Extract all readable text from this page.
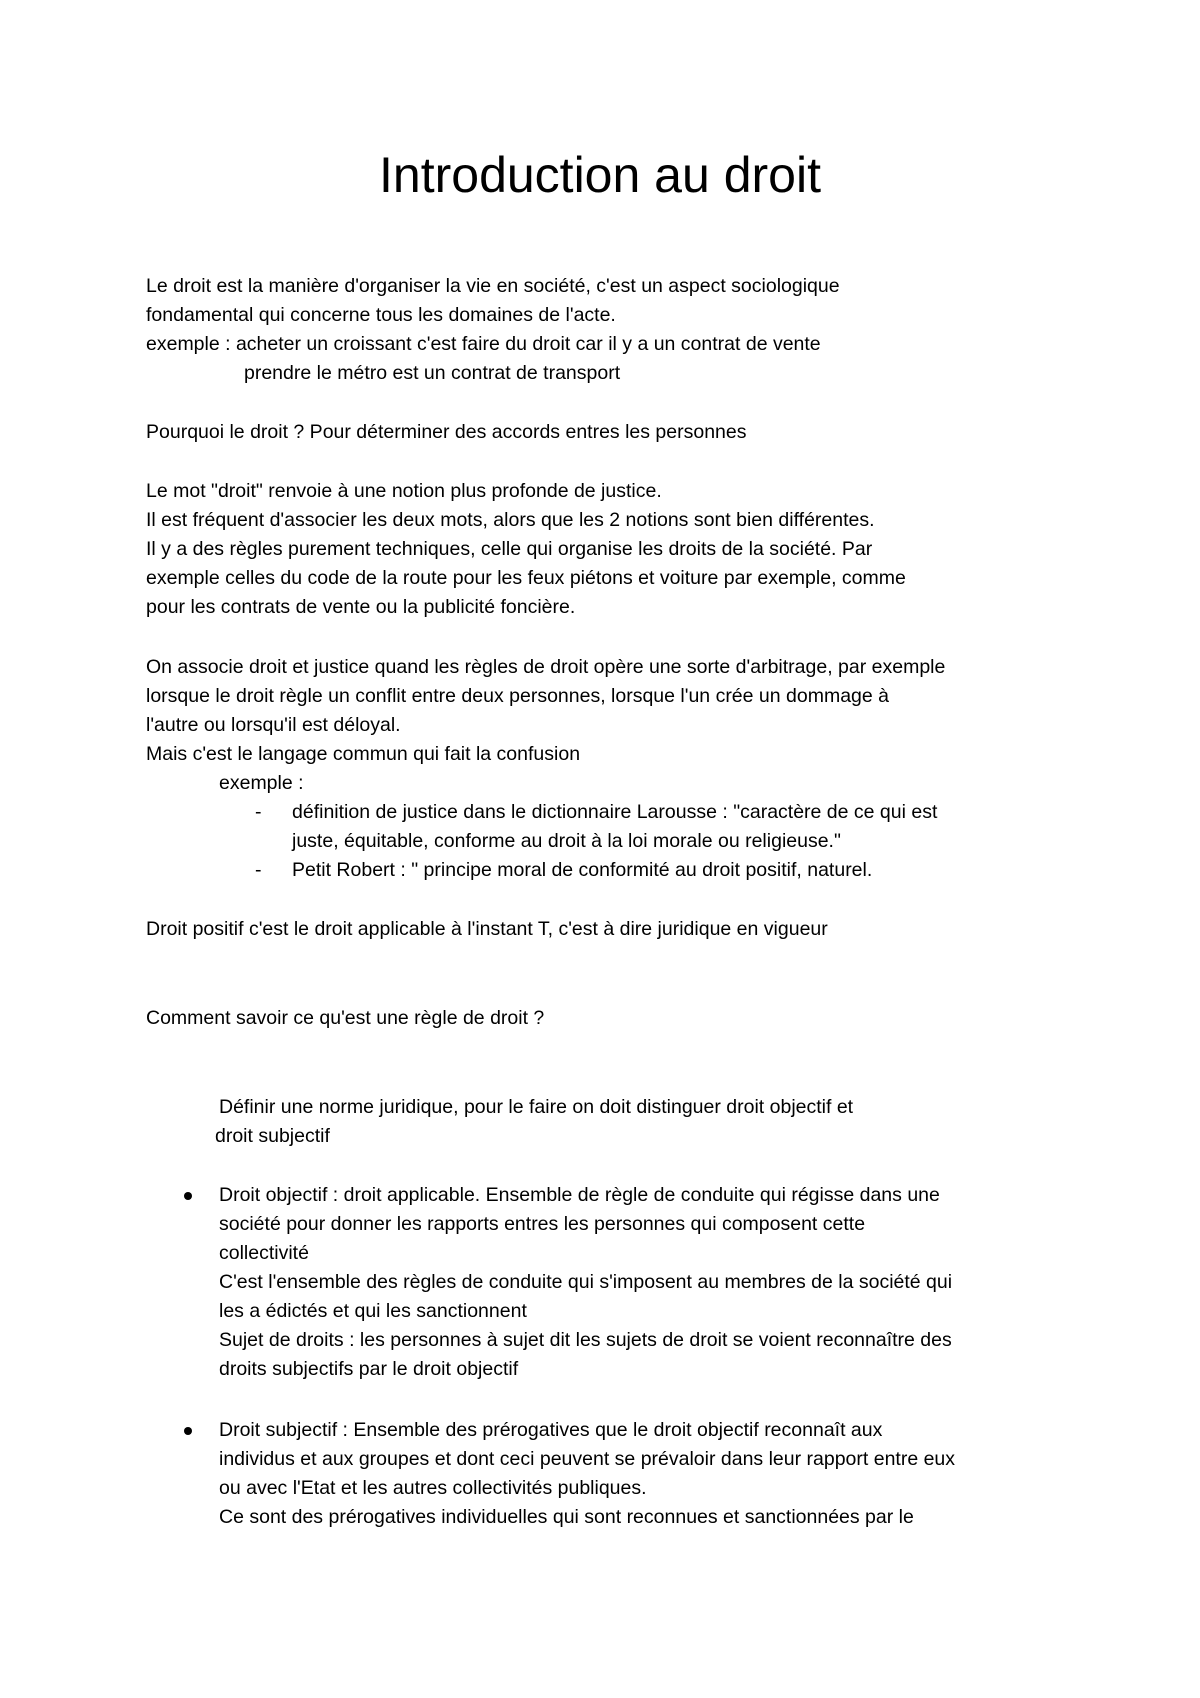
Introduction au droit

Le droit est la manière d'organiser la vie en société, c'est un aspect sociologique

fondamental qui concerne tous les domaines de l'acte.

exemple : acheter un croissant c'est faire du droit car il y a un contrat de vente

prendre le métro est un contrat de transport

Pourquoi le droit ? Pour déterminer des accords entres les personnes

Le mot "droit" renvoie à une notion plus profonde de justice.

Il est fréquent d'associer les deux mots, alors que les 2 notions sont bien différentes.

Il y a des règles purement techniques, celle qui organise les droits de la société. Par

exemple celles du code de la route pour les feux piétons et voiture par exemple, comme

pour les contrats de vente ou la publicité foncière.

On associe droit et justice quand les règles de droit opère une sorte d'arbitrage, par exemple

lorsque le droit règle un conflit entre deux personnes, lorsque l'un crée un dommage à

l'autre ou lorsqu'il est déloyal.

Mais c'est le langage commun qui fait la confusion

exemple :

- définition de justice dans le dictionnaire Larousse : "caractère de ce qui est

juste, équitable, conforme au droit à la loi morale ou religieuse."

- Petit Robert : " principe moral de conformité au droit positif, naturel.

Droit positif c'est le droit applicable à l'instant T, c'est à dire juridique en vigueur

Comment savoir ce qu'est une règle de droit ?

Définir une norme juridique, pour le faire on doit distinguer droit objectif et

droit subjectif

Droit objectif : droit applicable. Ensemble de règle de conduite qui régisse dans une

société pour donner les rapports entres les personnes qui composent cette

collectivité

C'est l'ensemble des règles de conduite qui s'imposent au membres de la société qui

les a édictés et qui les sanctionnent

Sujet de droits : les personnes à sujet dit les sujets de droit se voient reconnaître des

droits subjectifs par le droit objectif

Droit subjectif : Ensemble des prérogatives que le droit objectif reconnaît aux

individus et aux groupes et dont ceci peuvent se prévaloir dans leur rapport entre eux

ou avec l'Etat et les autres collectivités publiques.

Ce sont des prérogatives individuelles qui sont reconnues et sanctionnées par le
